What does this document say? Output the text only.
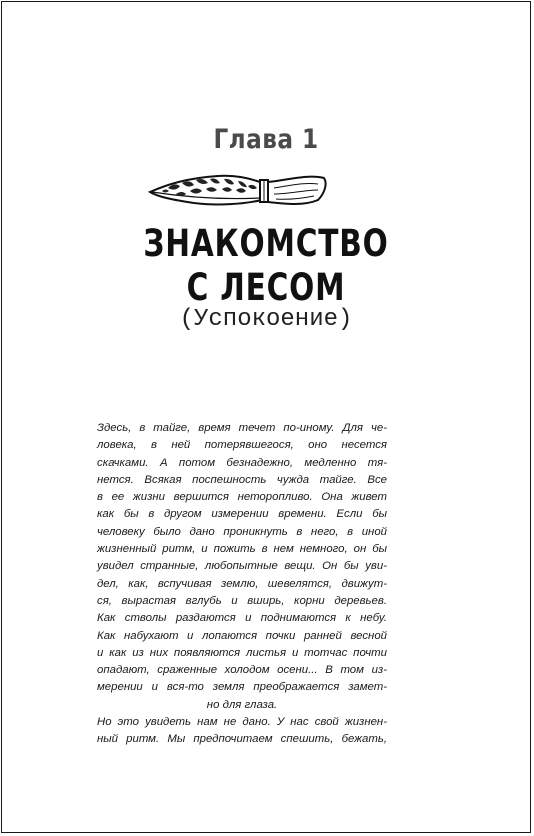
Глава 1
ЗНАКОМСТВО
С ЛЕСОМ
(Успокоение)

Здесь, в тайге, время течет по-иному. Для че-

ловека, в ней потерявшегося, оно несется

скачками. А потом безнадежно, медленно тя-

нется. Всякая поспешность чужда тайге. Все

в ее жизни вершится неторопливо. Она живет

как бы в другом измерении времени. Если бы

человеку было дано проникнуть в него, в иной

жизненный ритм, и пожить в нем немного, он бы

увидел странные, любопытные вещи. Он бы уви-

дел, как, вспучивая землю, шевелятся, движут-

ся, вырастая вглубь и вширь, корни деревьев.

Как стволы раздаются и поднимаются к небу.

Как набухают и лопаются почки ранней весной

и как из них появляются листья и тотчас почти

опадают, сраженные холодом осени... В том из-

мерении и вся-то земля преображается замет-

но для глаза.

Но это увидеть нам не дано. У нас свой жизнен-

ный ритм. Мы предпочитаем спешить, бежать,
